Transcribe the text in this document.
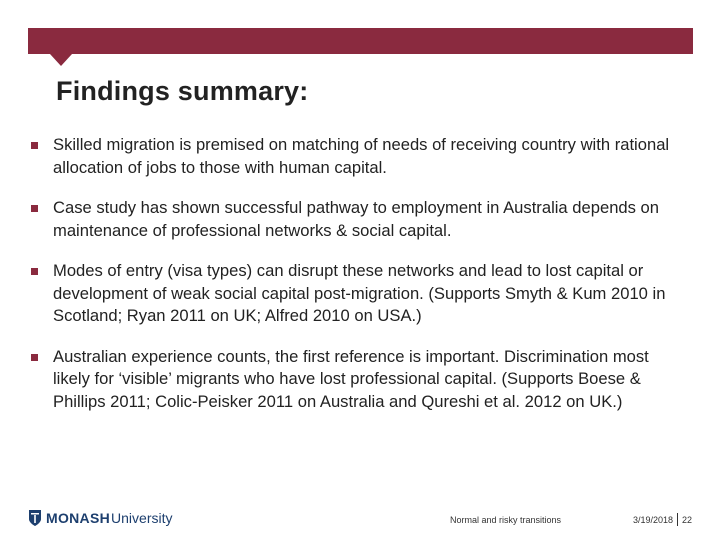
Findings summary:
Skilled migration is premised on matching of needs of receiving country with rational allocation of jobs to those with human capital.
Case study has shown successful pathway to employment in Australia depends on maintenance of professional networks & social capital.
Modes of entry (visa types) can disrupt these networks and lead to lost capital or development of weak social capital post-migration. (Supports Smyth & Kum 2010 in Scotland; Ryan 2011 on UK; Alfred 2010 on USA.)
Australian experience counts, the first reference is important. Discrimination most likely for ‘visible’ migrants who have lost professional capital. (Supports Boese & Phillips 2011; Colic-Peisker 2011 on Australia and Qureshi et al. 2012 on UK.)
MONASH University	Normal and risky transitions	3/19/2018 22
